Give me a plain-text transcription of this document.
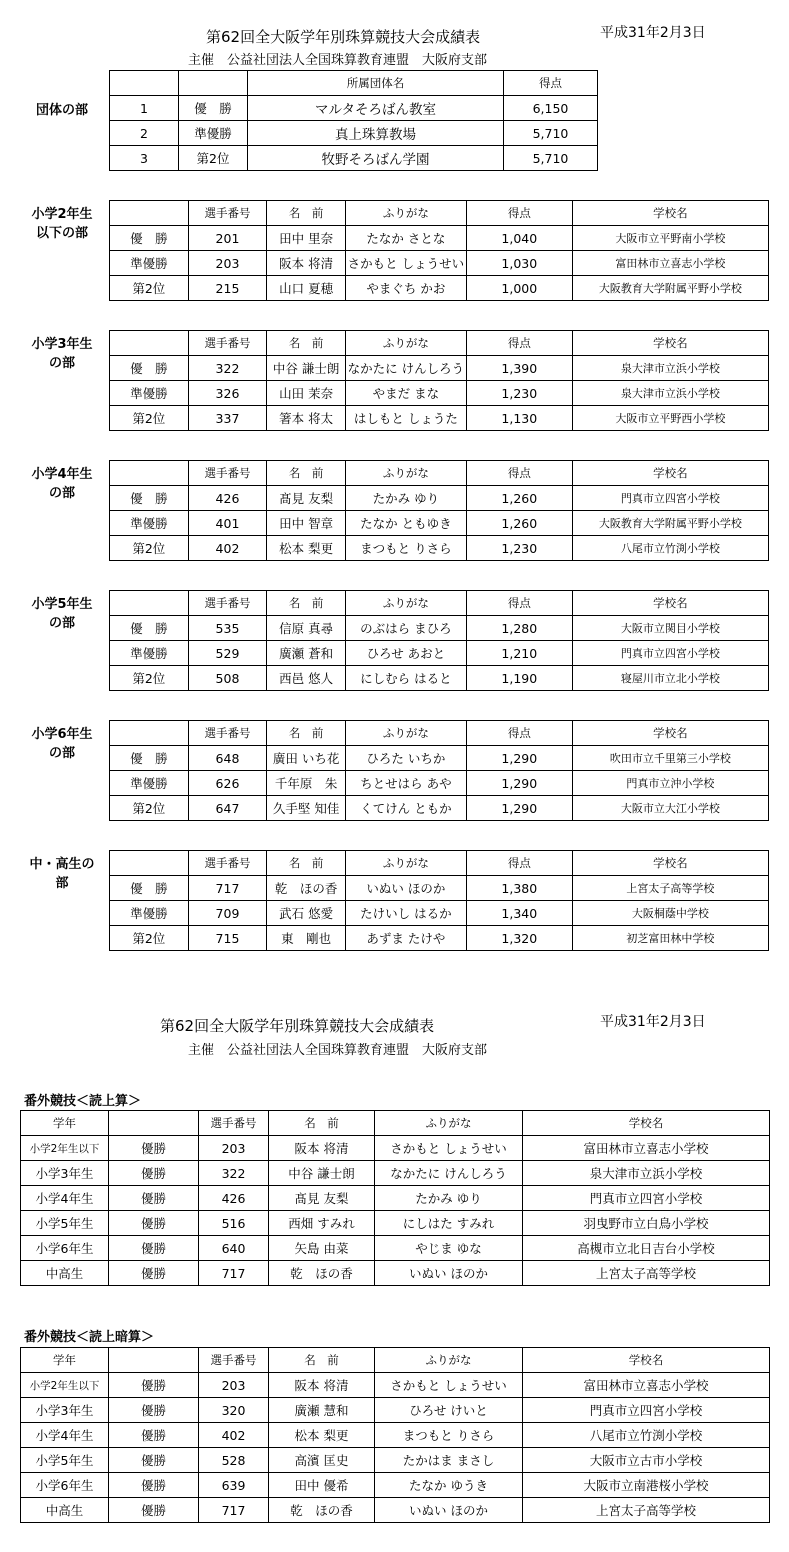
第62回全大阪学年別珠算競技大会成績表	平成31年2月3日
主催　公益社団法人全国珠算教育連盟　大阪府支部
団体の部
		所属団体名	得点
1	優　勝	マルタそろばん教室	6,150
2	準優勝	真上珠算教場	5,710
3	第2位	牧野そろばん学園	5,710
小学2年生
以下の部
	選手番号	名　前	ふりがな	得点	学校名
優　勝	201	田中 里奈	たなか さとな	1,040	大阪市立平野南小学校
準優勝	203	阪本 将清	さかもと しょうせい	1,030	富田林市立喜志小学校
第2位	215	山口 夏穂	やまぐち かお	1,000	大阪教育大学附属平野小学校
小学3年生
の部
	選手番号	名　前	ふりがな	得点	学校名
優　勝	322	中谷 謙士朗	なかたに けんしろう	1,390	泉大津市立浜小学校
準優勝	326	山田 茉奈	やまだ まな	1,230	泉大津市立浜小学校
第2位	337	箸本 将太	はしもと しょうた	1,130	大阪市立平野西小学校
小学4年生
の部
	選手番号	名　前	ふりがな	得点	学校名
優　勝	426	髙見 友梨	たかみ ゆり	1,260	門真市立四宮小学校
準優勝	401	田中 智章	たなか ともゆき	1,260	大阪教育大学附属平野小学校
第2位	402	松本 梨更	まつもと りさら	1,230	八尾市立竹渕小学校
小学5年生
の部
	選手番号	名　前	ふりがな	得点	学校名
優　勝	535	信原 真尋	のぶはら まひろ	1,280	大阪市立関目小学校
準優勝	529	廣瀬 蒼和	ひろせ あおと	1,210	門真市立四宮小学校
第2位	508	西邑 悠人	にしむら はると	1,190	寝屋川市立北小学校
小学6年生
の部
	選手番号	名　前	ふりがな	得点	学校名
優　勝	648	廣田 いち花	ひろた いちか	1,290	吹田市立千里第三小学校
準優勝	626	千年原　朱	ちとせはら あや	1,290	門真市立沖小学校
第2位	647	久手堅 知佳	くてけん ともか	1,290	大阪市立大江小学校
中・高生の
部
	選手番号	名　前	ふりがな	得点	学校名
優　勝	717	乾　ほの香	いぬい ほのか	1,380	上宮太子高等学校
準優勝	709	武石 悠愛	たけいし はるか	1,340	大阪桐蔭中学校
第2位	715	東　剛也	あずま たけや	1,320	初芝富田林中学校
第62回全大阪学年別珠算競技大会成績表	平成31年2月3日
主催　公益社団法人全国珠算教育連盟　大阪府支部
番外競技＜読上算＞
学年		選手番号	名　前	ふりがな	学校名
小学2年生以下	優勝	203	阪本 将清	さかもと しょうせい	富田林市立喜志小学校
小学3年生	優勝	322	中谷 謙士朗	なかたに けんしろう	泉大津市立浜小学校
小学4年生	優勝	426	髙見 友梨	たかみ ゆり	門真市立四宮小学校
小学5年生	優勝	516	西畑 すみれ	にしはた すみれ	羽曳野市立白鳥小学校
小学6年生	優勝	640	矢島 由菜	やじま ゆな	高槻市立北日吉台小学校
中高生	優勝	717	乾　ほの香	いぬい ほのか	上宮太子高等学校
番外競技＜読上暗算＞
学年		選手番号	名　前	ふりがな	学校名
小学2年生以下	優勝	203	阪本 将清	さかもと しょうせい	富田林市立喜志小学校
小学3年生	優勝	320	廣瀬 慧和	ひろせ けいと	門真市立四宮小学校
小学4年生	優勝	402	松本 梨更	まつもと りさら	八尾市立竹渕小学校
小学5年生	優勝	528	高濱 匡史	たかはま まさし	大阪市立古市小学校
小学6年生	優勝	639	田中 優希	たなか ゆうき	大阪市立南港桜小学校
中高生	優勝	717	乾　ほの香	いぬい ほのか	上宮太子高等学校
